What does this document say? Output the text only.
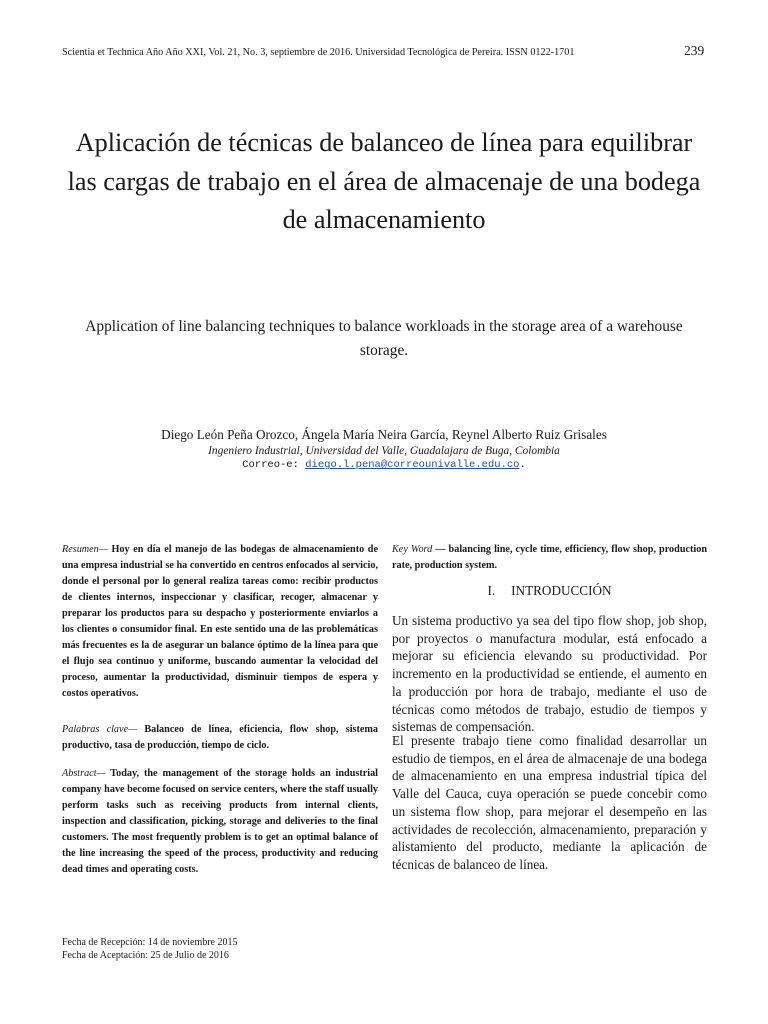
Scientia et Technica Año Año XXI, Vol. 21, No. 3, septiembre de 2016. Universidad Tecnológica de Pereira. ISSN 0122-1701	239
Aplicación de técnicas de balanceo de línea para equilibrar las cargas de trabajo en el área de almacenaje de una bodega de almacenamiento
Application of line balancing techniques to balance workloads in the storage area of a warehouse storage.
Diego León Peña Orozco, Ángela María Neira García, Reynel Alberto Ruiz Grisales
Ingeniero Industrial, Universidad del Valle, Guadalajara de Buga, Colombia
Correo-e: diego.l.pena@correounivalle.edu.co.
Resumen— Hoy en día el manejo de las bodegas de almacenamiento de una empresa industrial se ha convertido en centros enfocados al servicio, donde el personal por lo general realiza tareas como: recibir productos de clientes internos, inspeccionar y clasificar, recoger, almacenar y preparar los productos para su despacho y posteriormente enviarlos a los clientes o consumidor final. En este sentido una de las problemáticas más frecuentes es la de asegurar un balance óptimo de la línea para que el flujo sea continuo y uniforme, buscando aumentar la velocidad del proceso, aumentar la productividad, disminuir tiempos de espera y costos operativos.
Palabras clave— Balanceo de línea, eficiencia, flow shop, sistema productivo, tasa de producción, tiempo de ciclo.
Abstract— Today, the management of the storage holds an industrial company have become focused on service centers, where the staff usually perform tasks such as receiving products from internal clients, inspection and classification, picking, storage and deliveries to the final customers. The most frequently problem is to get an optimal balance of the line increasing the speed of the process, productivity and reducing dead times and operating costs.
Key Word — balancing line, cycle time, efficiency, flow shop, production rate, production system.
I. INTRODUCCIÓN

Un sistema productivo ya sea del tipo flow shop, job shop, por proyectos o manufactura modular, está enfocado a mejorar su eficiencia elevando su productividad. Por incremento en la productividad se entiende, el aumento en la producción por hora de trabajo, mediante el uso de técnicas como métodos de trabajo, estudio de tiempos y sistemas de compensación.

El presente trabajo tiene como finalidad desarrollar un estudio de tiempos, en el área de almacenaje de una bodega de almacenamiento en una empresa industrial típica del Valle del Cauca, cuya operación se puede concebir como un sistema flow shop, para mejorar el desempeño en las actividades de recolección, almacenamiento, preparación y alistamiento del producto, mediante la aplicación de técnicas de balanceo de línea.

Fecha de Recepción: 14 de noviembre 2015
Fecha de Aceptación: 25 de Julio de 2016
